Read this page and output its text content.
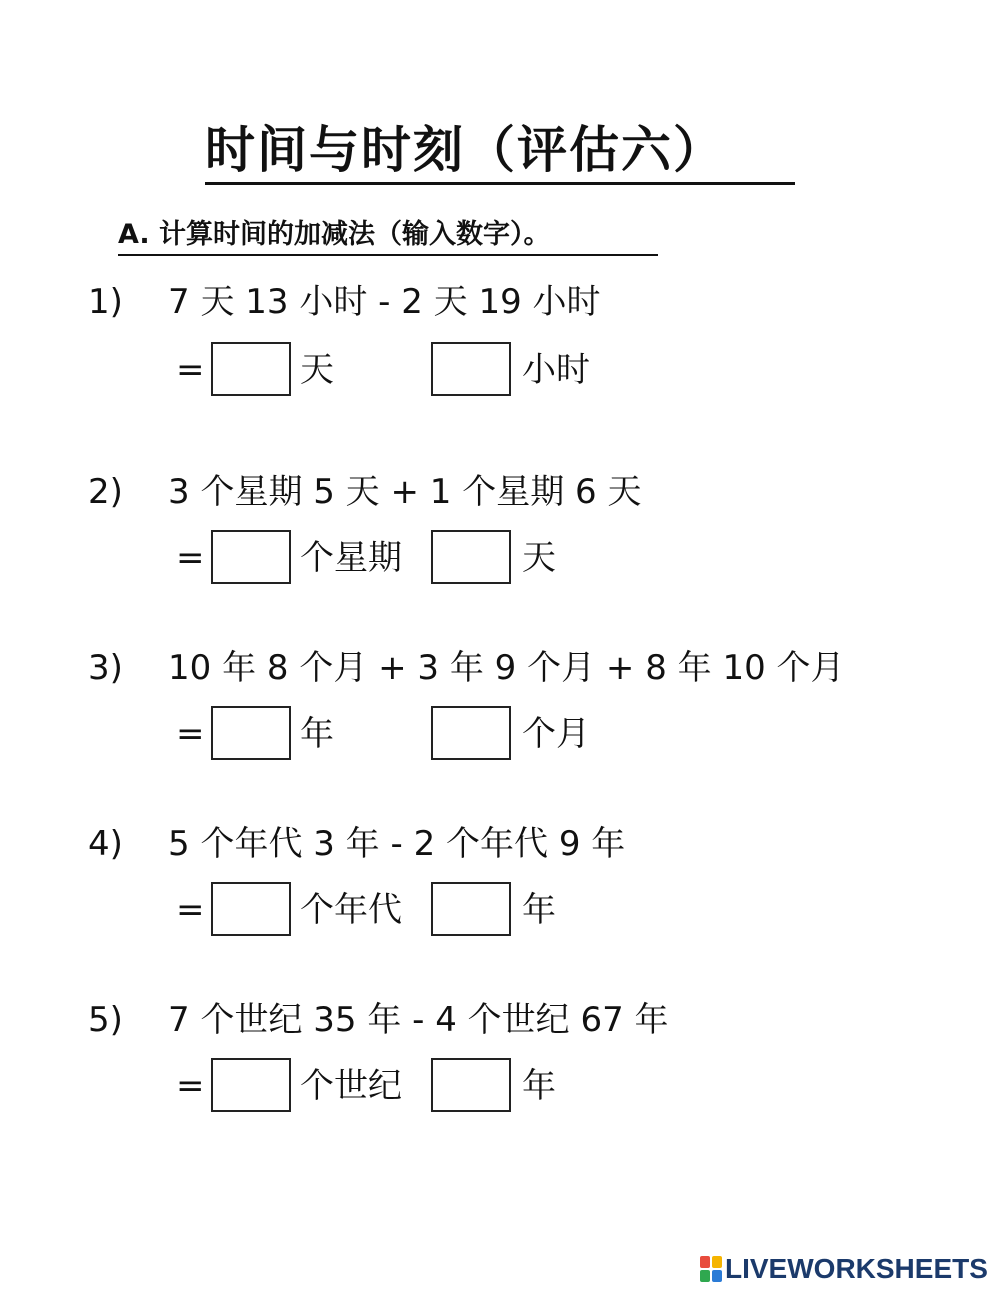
时间与时刻（评估六）
A. 计算时间的加减法（输入数字）。
1) 7 天 13 小时 - 2 天 19 小时
=	天	小时
2) 3 个星期 5 天 + 1 个星期 6 天
=	个星期	天
3) 10 年 8 个月 + 3 年 9 个月 + 8 年 10 个月
=	年	个月
4) 5 个年代 3 年 - 2 个年代 9 年
=	个年代	年
5) 7 个世纪 35 年 - 4 个世纪 67 年
=	个世纪	年
LIVEWORKSHEETS
